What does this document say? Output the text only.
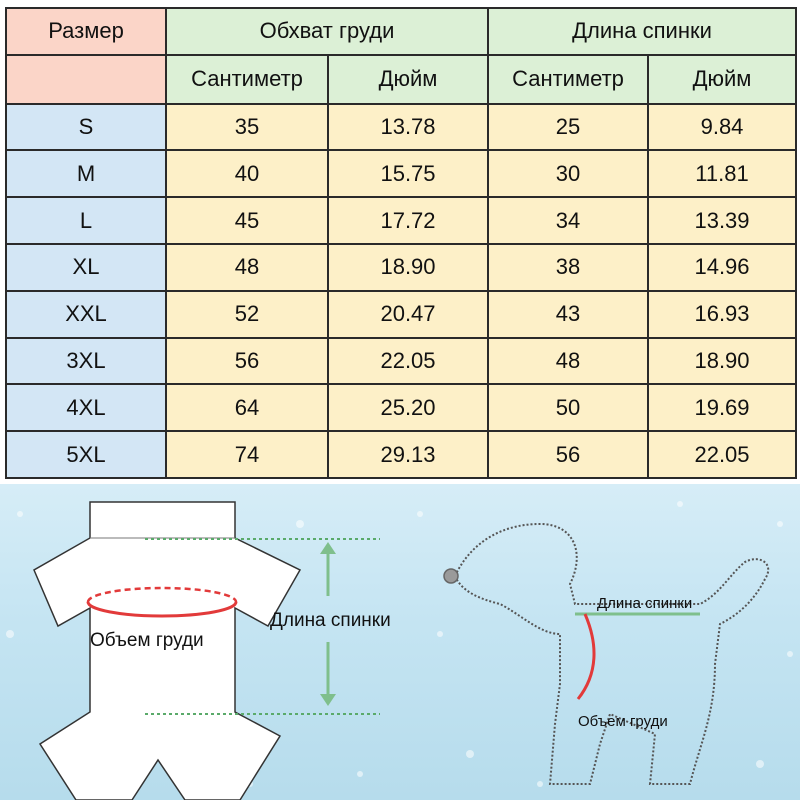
Размер	Обхват груди		Длина спинки	
	Сантиметр	Дюйм	Сантиметр	Дюйм
S	35	13.78	25	9.84
M	40	15.75	30	11.81
L	45	17.72	34	13.39
XL	48	18.90	38	14.96
XXL	52	20.47	43	16.93
3XL	56	22.05	48	18.90
4XL	64	25.20	50	19.69
5XL	74	29.13	56	22.05
Длина спинки
Объем груди
Длина спинки
Объем груди
